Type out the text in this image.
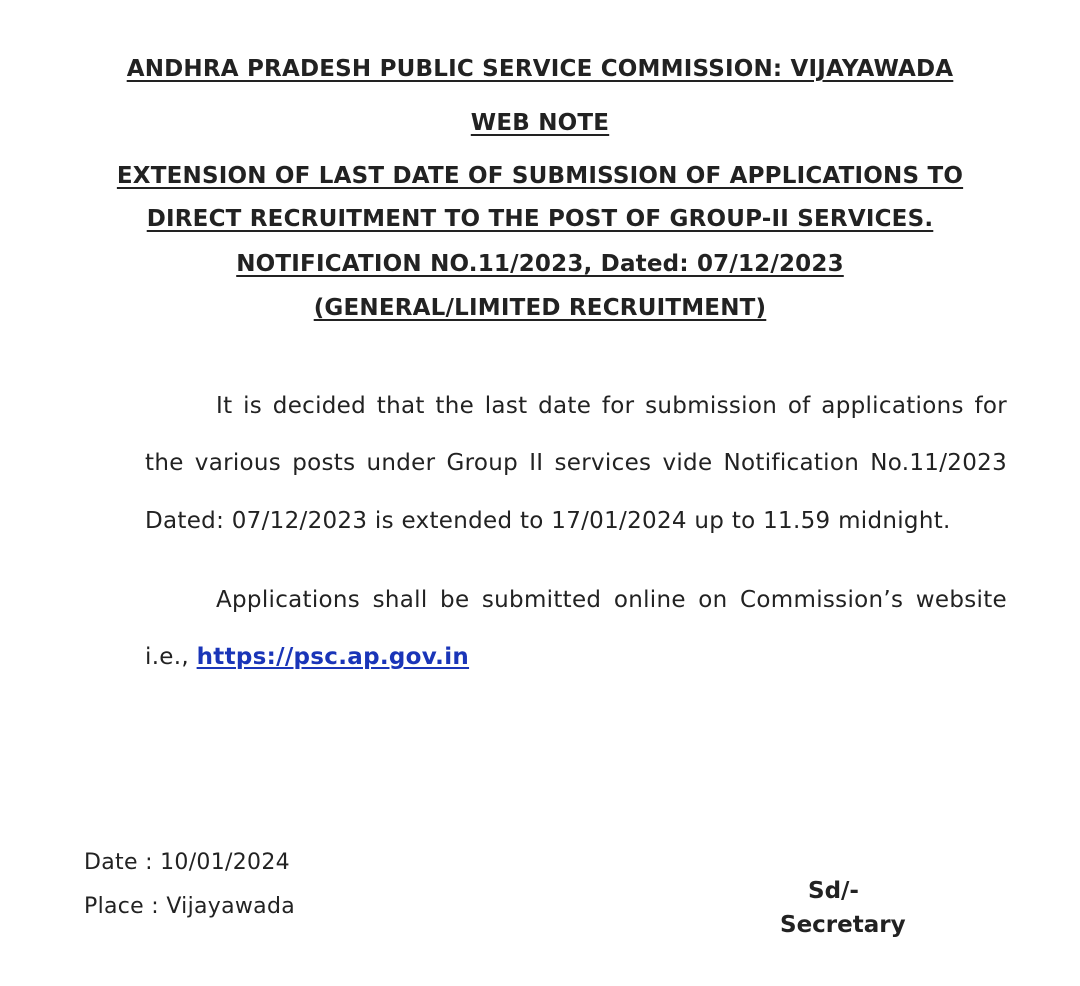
ANDHRA PRADESH PUBLIC SERVICE COMMISSION: VIJAYAWADA
WEB NOTE
EXTENSION OF LAST DATE OF SUBMISSION OF APPLICATIONS TO
DIRECT RECRUITMENT TO THE POST OF GROUP-II SERVICES.
NOTIFICATION NO.11/2023, Dated: 07/12/2023
(GENERAL/LIMITED RECRUITMENT)
It is decided that the last date for submission of applications for
the various posts under Group II services vide Notification No.11/2023
Dated: 07/12/2023 is extended to 17/01/2024 up to 11.59 midnight.
Applications shall be submitted online on Commission’s website
i.e., https://psc.ap.gov.in
Date : 10/01/2024
Place : Vijayawada
Sd/-
Secretary
